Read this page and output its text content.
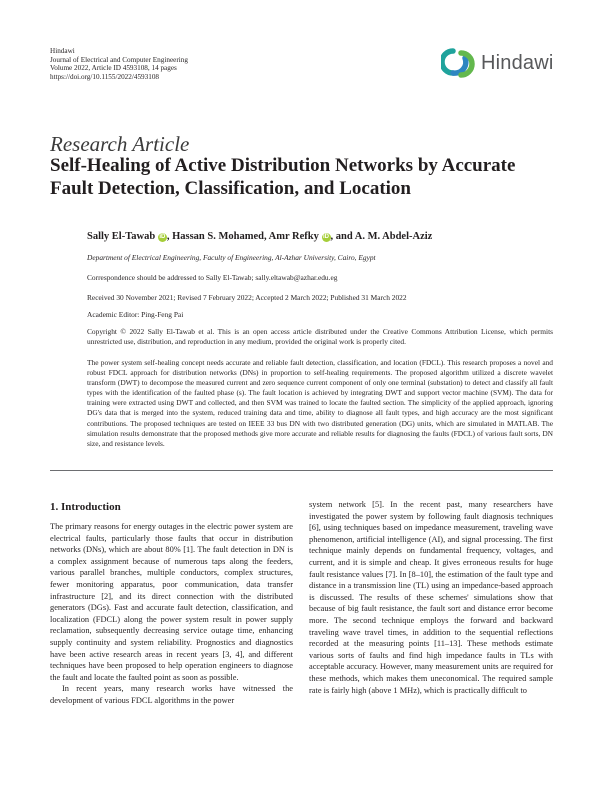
Hindawi
Journal of Electrical and Computer Engineering
Volume 2022, Article ID 4593108, 14 pages
https://doi.org/10.1155/2022/4593108
Hindawi
Research Article
Self-Healing of Active Distribution Networks by Accurate Fault Detection, Classification, and Location
Sally El-Tawab iD , Hassan S. Mohamed, Amr Refky iD , and A. M. Abdel-Aziz
Department of Electrical Engineering, Faculty of Engineering, Al-Azhar University, Cairo, Egypt
Correspondence should be addressed to Sally El-Tawab; sally.eltawab@azhar.edu.eg
Received 30 November 2021; Revised 7 February 2022; Accepted 2 March 2022; Published 31 March 2022
Academic Editor: Ping-Feng Pai
Copyright © 2022 Sally El-Tawab et al. This is an open access article distributed under the Creative Commons Attribution License, which permits unrestricted use, distribution, and reproduction in any medium, provided the original work is properly cited.
The power system self-healing concept needs accurate and reliable fault detection, classification, and location (FDCL). This research proposes a novel and robust FDCL approach for distribution networks (DNs) in proportion to self-healing requirements. The proposed algorithm utilized a discrete wavelet transform (DWT) to decompose the measured current and zero sequence current component of only one terminal (substation) to detect and classify all fault types with the identification of the faulted phase (s). The fault location is achieved by integrating DWT and support vector machine (SVM). The data for training were extracted using DWT and collected, and then SVM was trained to locate the faulted section. The simplicity of the applied approach, ignoring DG's data that is merged into the system, reduced training data and time, ability to diagnose all fault types, and high accuracy are the most significant contributions. The proposed techniques are tested on IEEE 33 bus DN with two distributed generation (DG) units, which are simulated in MATLAB. The simulation results demonstrate that the proposed methods give more accurate and reliable results for diagnosing the faults (FDCL) of various fault sorts, DN size, and resistance levels.
1. Introduction

The primary reasons for energy outages in the electric power system are electrical faults, particularly those faults that occur in distribution networks (DNs), which are about 80% [1]. The fault detection in DN is a complex assignment because of numerous taps along the feeders, various parallel branches, multiple conductors, complex structures, fewer monitoring apparatus, poor communication, data transfer infrastructure [2], and its direct connection with the distributed generators (DGs). Fast and accurate fault detection, classification, and localization (FDCL) along the power system result in power supply reclamation, subsequently decreasing service outage time, enhancing supply continuity and system reliability. Prognostics and diagnostics have been active research areas in recent years [3, 4], and different techniques have been proposed to help operation engineers to diagnose the fault and locate the faulted point as soon as possible.

In recent years, many research works have witnessed the development of various FDCL algorithms in the power

system network [5]. In the recent past, many researchers have investigated the power system by following fault diagnosis techniques [6], using techniques based on impedance measurement, traveling wave phenomenon, artificial intelligence (AI), and signal processing. The first technique mainly depends on fundamental frequency, voltages, and current, and it is simple and cheap. It gives erroneous results for huge fault resistance values [7]. In [8–10], the estimation of the fault type and distance in a transmission line (TL) using an impedance-based approach is discussed. The results of these schemes' simulations show that because of big fault resistance, the fault sort and distance error become more. The second technique employs the forward and backward traveling wave travel times, in addition to the sequential reflections recorded at the measuring points [11–13]. These methods estimate various sorts of faults and find high impedance faults in TLs with acceptable accuracy. However, many measurement units are required for these methods, which makes them uneconomical. The required sample rate is fairly high (above 1 MHz), which is practically difficult to
